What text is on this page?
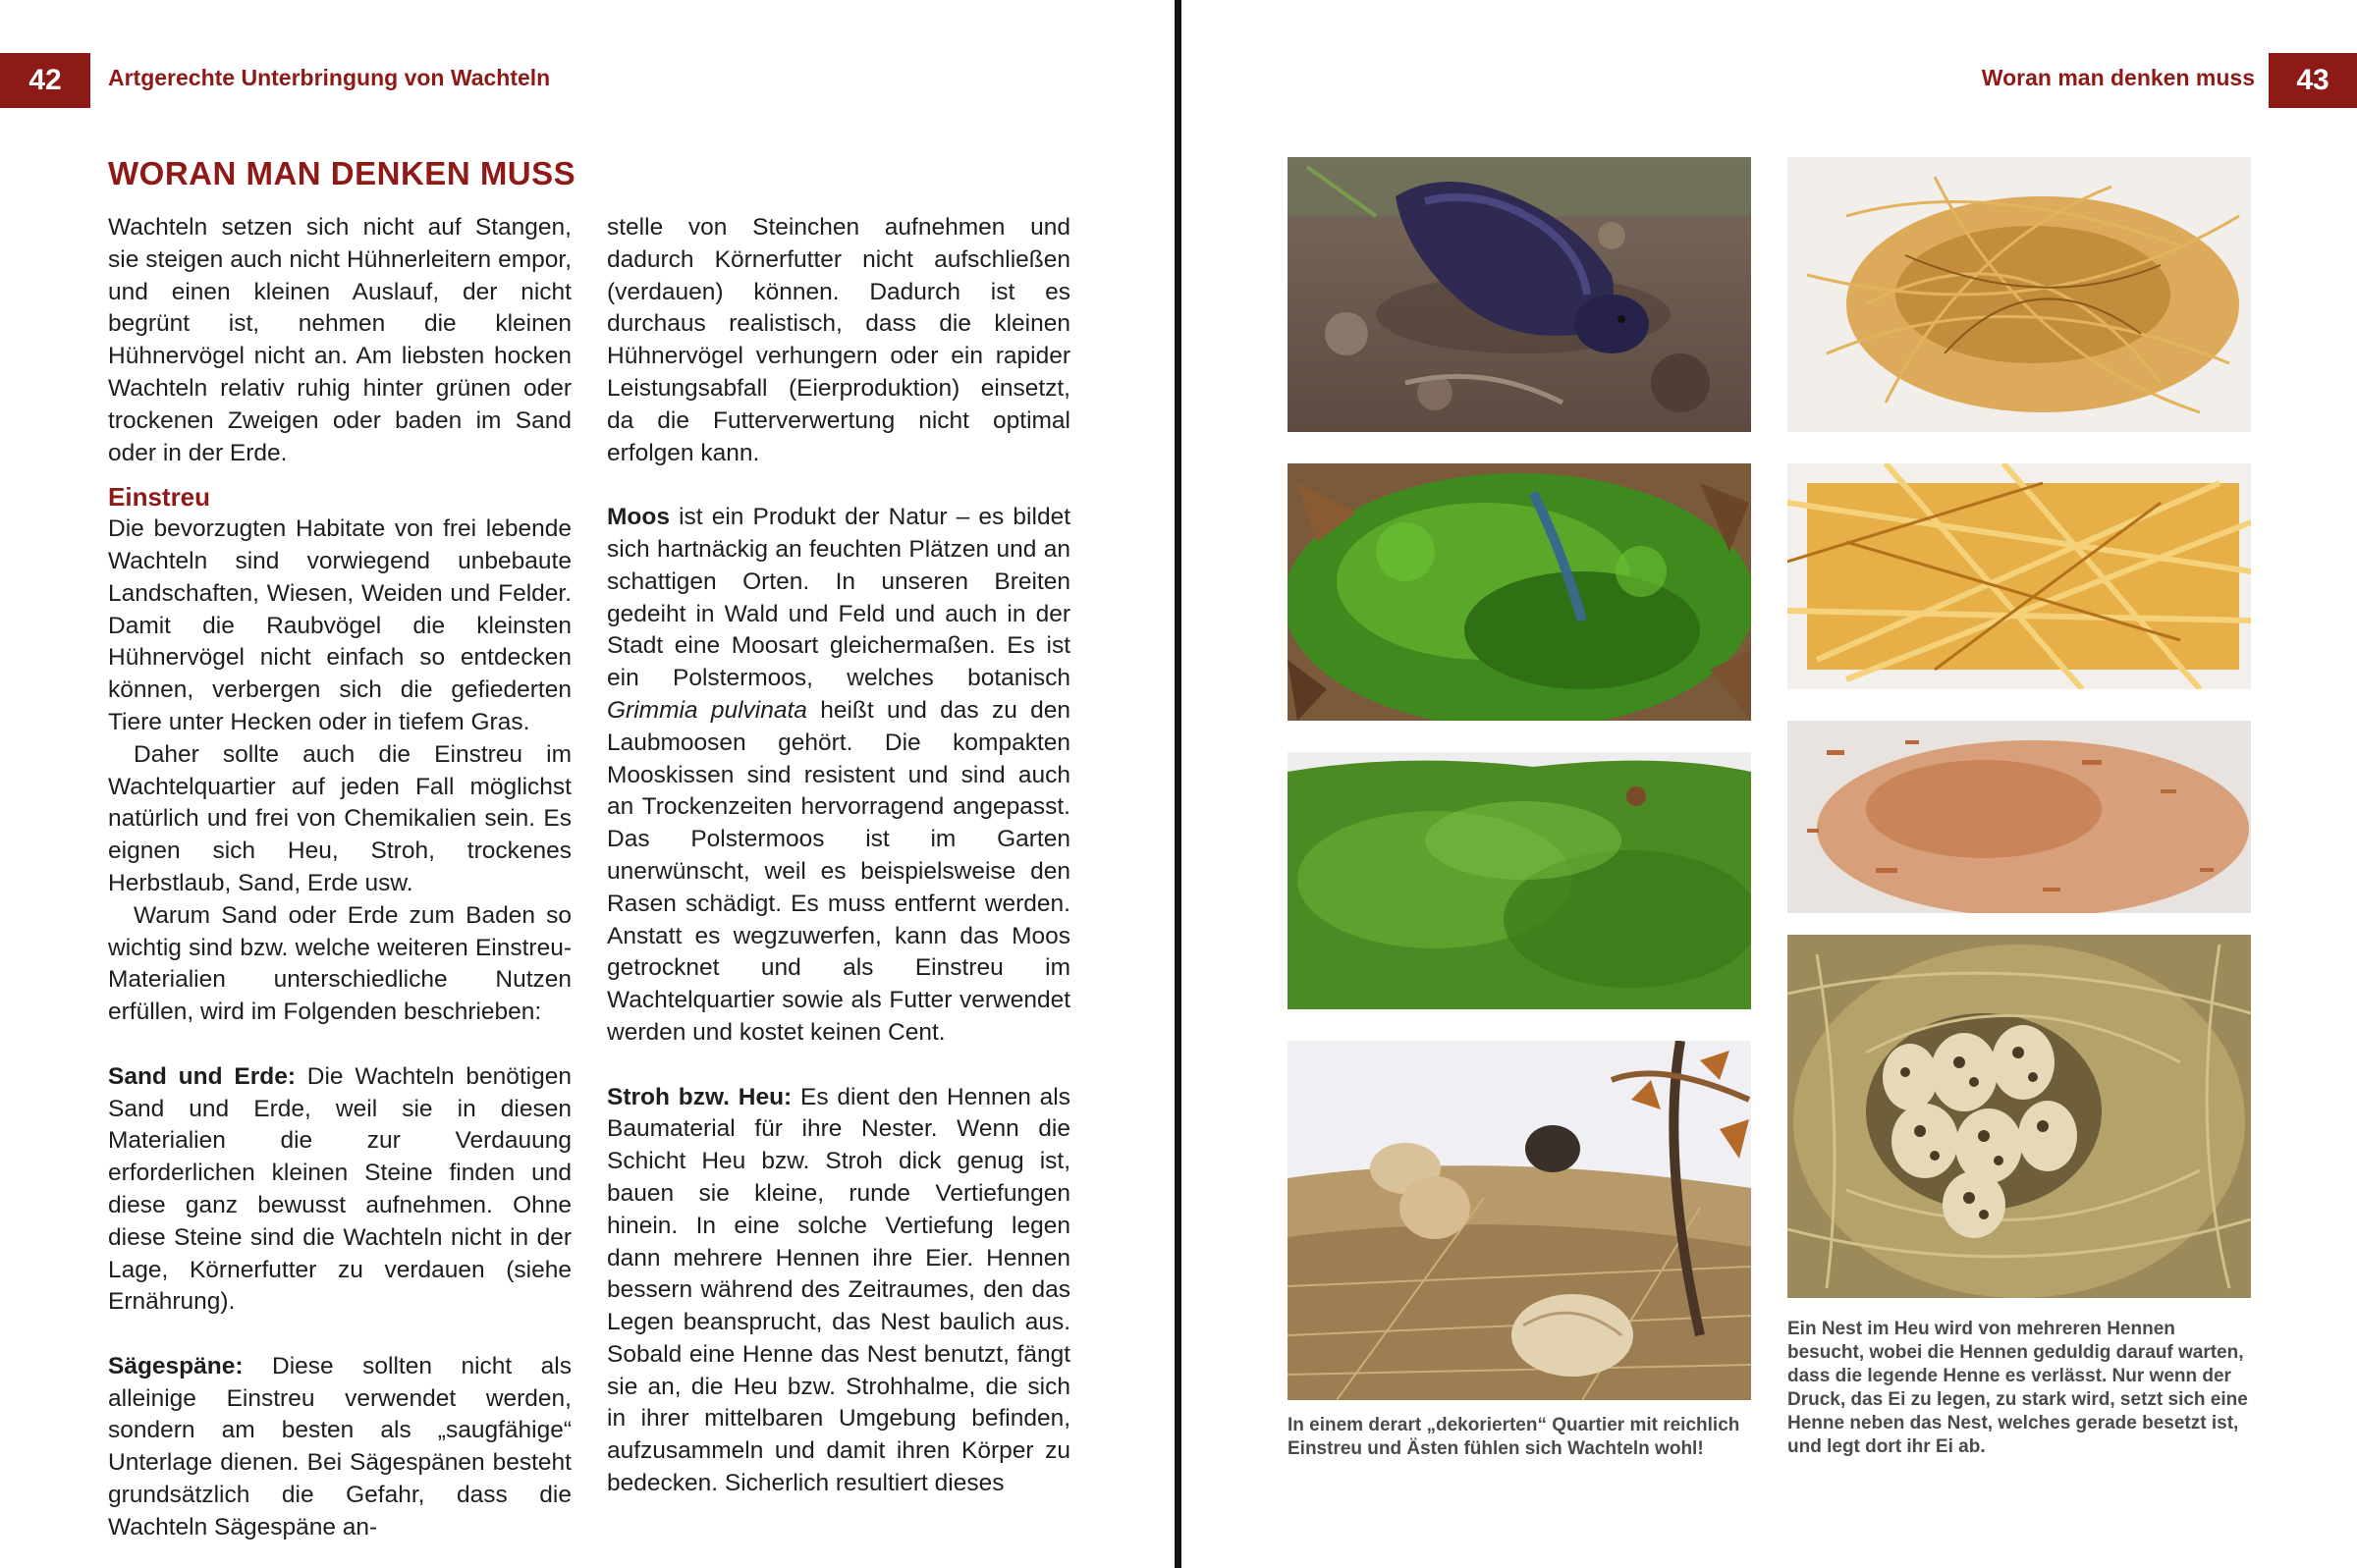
42	Artgerechte Unterbringung von Wachteln
WORAN MAN DENKEN MUSS

Wachteln setzen sich nicht auf Stangen, sie steigen auch nicht Hühnerleitern empor, und einen kleinen Auslauf, der nicht begrünt ist, nehmen die kleinen Hühnervögel nicht an. Am liebsten hocken Wachteln relativ ruhig hinter grünen oder trockenen Zweigen oder baden im Sand oder in der Erde.

Einstreu

Die bevorzugten Habitate von frei lebende Wachteln sind vorwiegend unbebaute Landschaften, Wiesen, Weiden und Felder. Damit die Raubvögel die kleinsten Hühnervögel nicht einfach so entdecken können, verbergen sich die gefiederten Tiere unter Hecken oder in tiefem Gras.

Daher sollte auch die Einstreu im Wachtelquartier auf jeden Fall möglichst natürlich und frei von Chemikalien sein. Es eignen sich Heu, Stroh, trockenes Herbstlaub, Sand, Erde usw.

Warum Sand oder Erde zum Baden so wichtig sind bzw. welche weiteren Einstreu-Materialien unterschiedliche Nutzen erfüllen, wird im Folgenden beschrieben:

Sand und Erde: Die Wachteln benötigen Sand und Erde, weil sie in diesen Materialien die zur Verdauung erforderlichen kleinen Steine finden und diese ganz bewusst aufnehmen. Ohne diese Steine sind die Wachteln nicht in der Lage, Körnerfutter zu verdauen (siehe Ernährung).

Sägespäne: Diese sollten nicht als alleinige Einstreu verwendet werden, sondern am besten als „saugfähige“ Unterlage dienen. Bei Sägespänen besteht grundsätzlich die Gefahr, dass die Wachteln Sägespäne an-

stelle von Steinchen aufnehmen und dadurch Körnerfutter nicht aufschließen (verdauen) können. Dadurch ist es durchaus realistisch, dass die kleinen Hühnervögel verhungern oder ein rapider Leistungsabfall (Eierproduktion) einsetzt, da die Futterverwertung nicht optimal erfolgen kann.

Moos ist ein Produkt der Natur – es bildet sich hartnäckig an feuchten Plätzen und an schattigen Orten. In unseren Breiten gedeiht in Wald und Feld und auch in der Stadt eine Moosart gleichermaßen. Es ist ein Polstermoos, welches botanisch Grimmia pulvinata heißt und das zu den Laubmoosen gehört. Die kompakten Mooskissen sind resistent und sind auch an Trockenzeiten hervorragend angepasst. Das Polstermoos ist im Garten unerwünscht, weil es beispielsweise den Rasen schädigt. Es muss entfernt werden. Anstatt es wegzuwerfen, kann das Moos getrocknet und als Einstreu im Wachtelquartier sowie als Futter verwendet werden und kostet keinen Cent.

Stroh bzw. Heu: Es dient den Hennen als Baumaterial für ihre Nester. Wenn die Schicht Heu bzw. Stroh dick genug ist, bauen sie kleine, runde Vertiefungen hinein. In eine solche Vertiefung legen dann mehrere Hennen ihre Eier. Hennen bessern während des Zeitraumes, den das Legen beansprucht, das Nest baulich aus. Sobald eine Henne das Nest benutzt, fängt sie an, die Heu bzw. Strohhalme, die sich in ihrer mittelbaren Umgebung befinden, aufzusammeln und damit ihren Körper zu bedecken. Sicherlich resultiert dieses

Woran man denken muss	43
In einem derart „dekorierten“ Quartier mit reichlich Einstreu und Ästen fühlen sich Wachteln wohl!
Ein Nest im Heu wird von mehreren Hennen besucht, wobei die Hennen geduldig darauf warten, dass die legende Henne es verlässt. Nur wenn der Druck, das Ei zu legen, zu stark wird, setzt sich eine Henne neben das Nest, welches gerade besetzt ist, und legt dort ihr Ei ab.
